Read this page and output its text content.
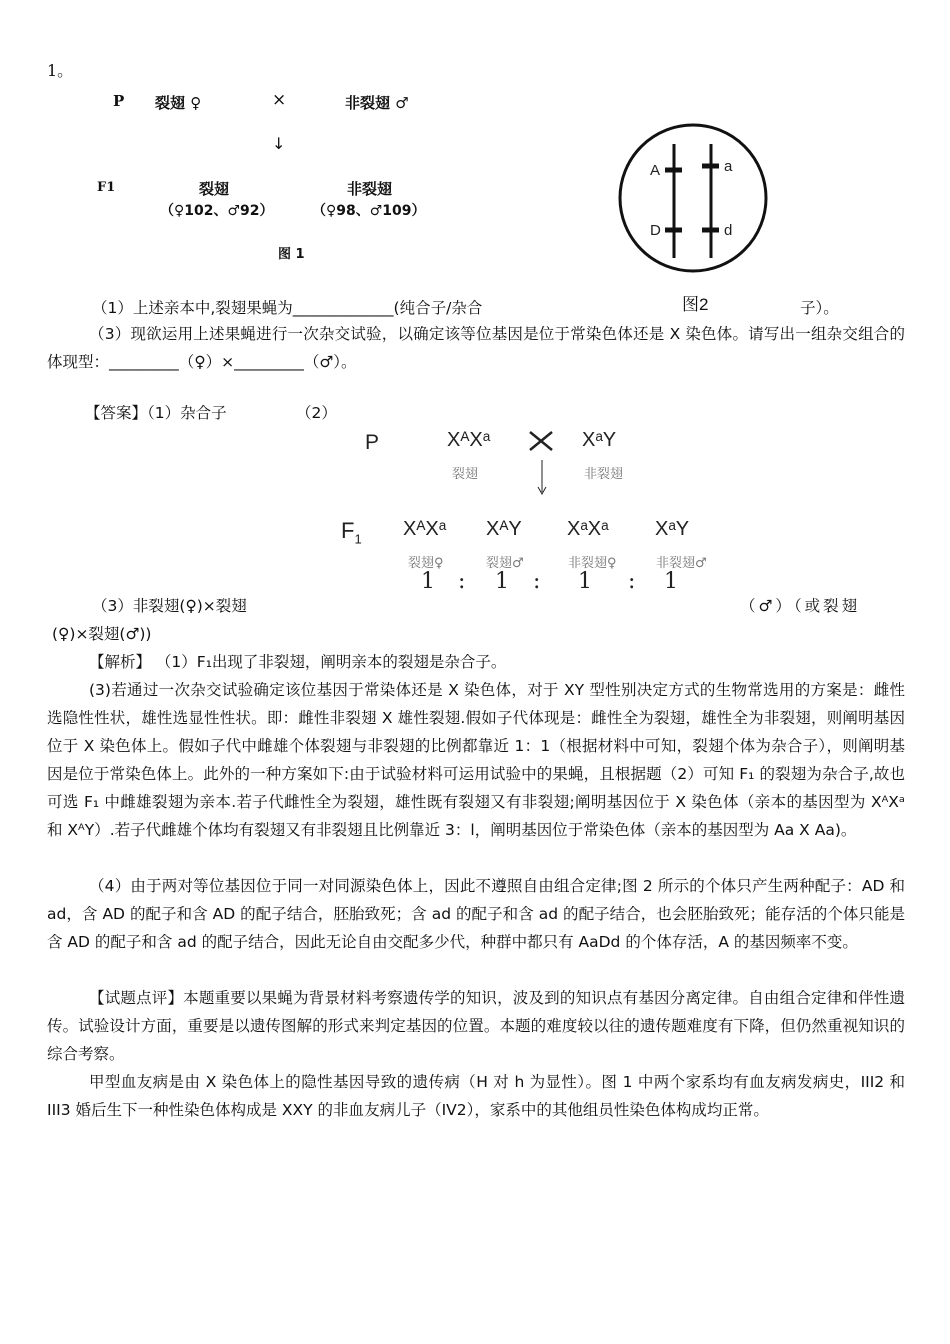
1。
P 裂翅 ♀	×	非裂翅 ♂
↓
F1	裂翅
（♀102、♂92）
非裂翅
（♀98、♂109）
图 1
A	a
D	d
图2
（1）上述亲本中,裂翅果蝇为_____________(纯合子/杂合	子）。
（3）现欲运用上述果蝇进行一次杂交试验，以确定该等位基因是位于常染色体还是 X 染色体。请写出一组杂交组合的体现型：_________（♀）×_________（♂）。
【答案】（1）杂合子	（2）
P	XᴬXᵃ
裂翅
XᵃY
非裂翅
$F_1$ XᴬXᵃ
裂翅♀
XᴬY
裂翅♂
XᵃXᵃ
非裂翅♀
XᵃY
非裂翅♂
1 : 1 : 1 : 1
（3）非裂翅(♀)×裂翅	（♂）（或裂翅
(♀)×裂翅(♂))
【解析】 （1）F₁出现了非裂翅，阐明亲本的裂翅是杂合子。
(3)若通过一次杂交试验确定该位基因于常染体还是 X 染色体，对于 XY 型性别决定方式的生物常选用的方案是：雌性选隐性性状，雄性选显性性状。即：雌性非裂翅 X 雄性裂翅.假如子代体现是：雌性全为裂翅，雄性全为非裂翅，则阐明基因位于 X 染色体上。假如子代中雌雄个体裂翅与非裂翅的比例都靠近 1：1（根据材料中可知，裂翅个体为杂合子），则阐明基因是位于常染色体上。此外的一种方案如下:由于试验材料可运用试验中的果蝇，且根据题（2）可知 F₁ 的裂翅为杂合子,故也可选 F₁ 中雌雄裂翅为亲本.若子代雌性全为裂翅，雄性既有裂翅又有非裂翅;阐明基因位于 X 染色体（亲本的基因型为 XᴬXᵃ 和 XᴬY）.若子代雌雄个体均有裂翅又有非裂翅且比例靠近 3：l，阐明基因位于常染色体（亲本的基因型为 Aa X Aa)。
（4）由于两对等位基因位于同一对同源染色体上，因此不遵照自由组合定律;图 2 所示的个体只产生两种配子：AD 和 ad，含 AD 的配子和含 AD 的配子结合，胚胎致死；含 ad 的配子和含 ad 的配子结合，也会胚胎致死；能存活的个体只能是含 AD 的配子和含 ad 的配子结合，因此无论自由交配多少代，种群中都只有 AaDd 的个体存活，A 的基因频率不变。
【试题点评】本题重要以果蝇为背景材料考察遗传学的知识，波及到的知识点有基因分离定律。自由组合定律和伴性遗传。试验设计方面，重要是以遗传图解的形式来判定基因的位置。本题的难度较以往的遗传题难度有下降，但仍然重视知识的综合考察。
甲型血友病是由 X 染色体上的隐性基因导致的遗传病（H 对 h 为显性）。图 1 中两个家系均有血友病发病史，III2 和 III3 婚后生下一种性染色体构成是 XXY 的非血友病儿子（IV2），家系中的其他组员性染色体构成均正常。
